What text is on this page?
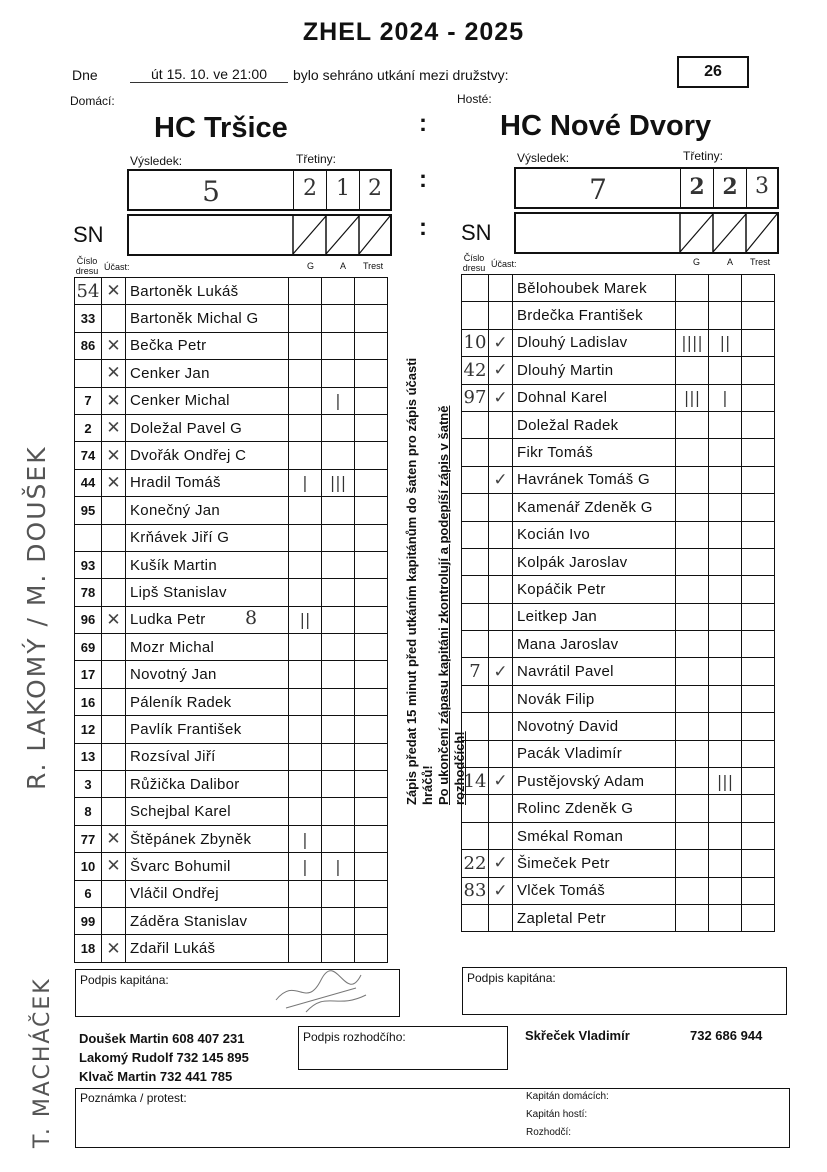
ZHEL 2024 - 2025
Dne	út 15. 10. ve 21:00	bylo sehráno utkání mezi družstvy:	26
Domácí:	Hosté:
HC Tršice	:	HC Nové Dvory
Výsledek:	Třetiny:	Výsledek:	Třetiny:
5	2 1 2	:	7	2 2 3
SN	: SN
Číslo dresu Účast:	G	A Trest
Číslo dresu Účast:	G	A Trest
54	✕	Bartoněk Lukáš			
33		Bartoněk Michal G			
86	✕	Bečka Petr			
	✕	Cenker Jan			
7	✕	Cenker Michal		|	
2	✕	Doležal Pavel G			
74	✕	Dvořák Ondřej C			
44	✕	Hradil Tomáš	|	|||	
95		Konečný Jan			
		Krňávek Jiří G			
93		Kušík Martin			
78		Lipš Stanislav			
96	✕	Ludka Petr	||		
69		Mozr Michal			
17		Novotný Jan			
16		Páleník Radek			
12		Pavlík František			
13		Rozsíval Jiří			
3		Růžička Dalibor			
8		Schejbal Karel			
77	✕	Štěpánek Zbyněk	|		
10	✕	Švarc Bohumil	|	|	
6		Vláčil Ondřej			
99		Záděra Stanislav			
18	✕	Zdařil Lukáš			
		Bělohoubek Marek			
		Brdečka František			
10	✓	Dlouhý Ladislav	||||	||	
42	✓	Dlouhý Martin			
97	✓	Dohnal Karel	|||	|	
		Doležal Radek			
		Fikr Tomáš			
	✓	Havránek Tomáš G			
		Kamenář Zdeněk G			
		Kocián Ivo			
		Kolpák Jaroslav			
		Kopáčik Petr			
		Leitkep Jan			
		Mana Jaroslav			
7	✓	Navrátil Pavel			
		Novák Filip			
		Novotný David			
		Pacák Vladimír			
14	✓	Pustějovský Adam		|||	
		Rolinc Zdeněk G			
		Smékal Roman			
22	✓	Šimeček Petr			
83	✓	Vlček Tomáš			
		Zapletal Petr			
8	Zápis předat 15 minut před utkáním kapitánům do šaten pro zápis účasti hráčů! Po ukončení zápasu kapitáni zkontrolují a podepíší zápis v šatně rozhodčích!
R. LAKOMÝ / M. DOUŠEK
T. MACHÁČEK	Podpis kapitána:	Podpis kapitána:
Doušek Martin 608 407 231
Lakomý Rudolf 732 145 895
Klvač Martin 732 441 785
Podpis rozhodčího:	Skřeček Vladimír	732 686 944
Poznámka / protest:	Kapitán domácích:
Kapitán hostí:
Rozhodčí:
